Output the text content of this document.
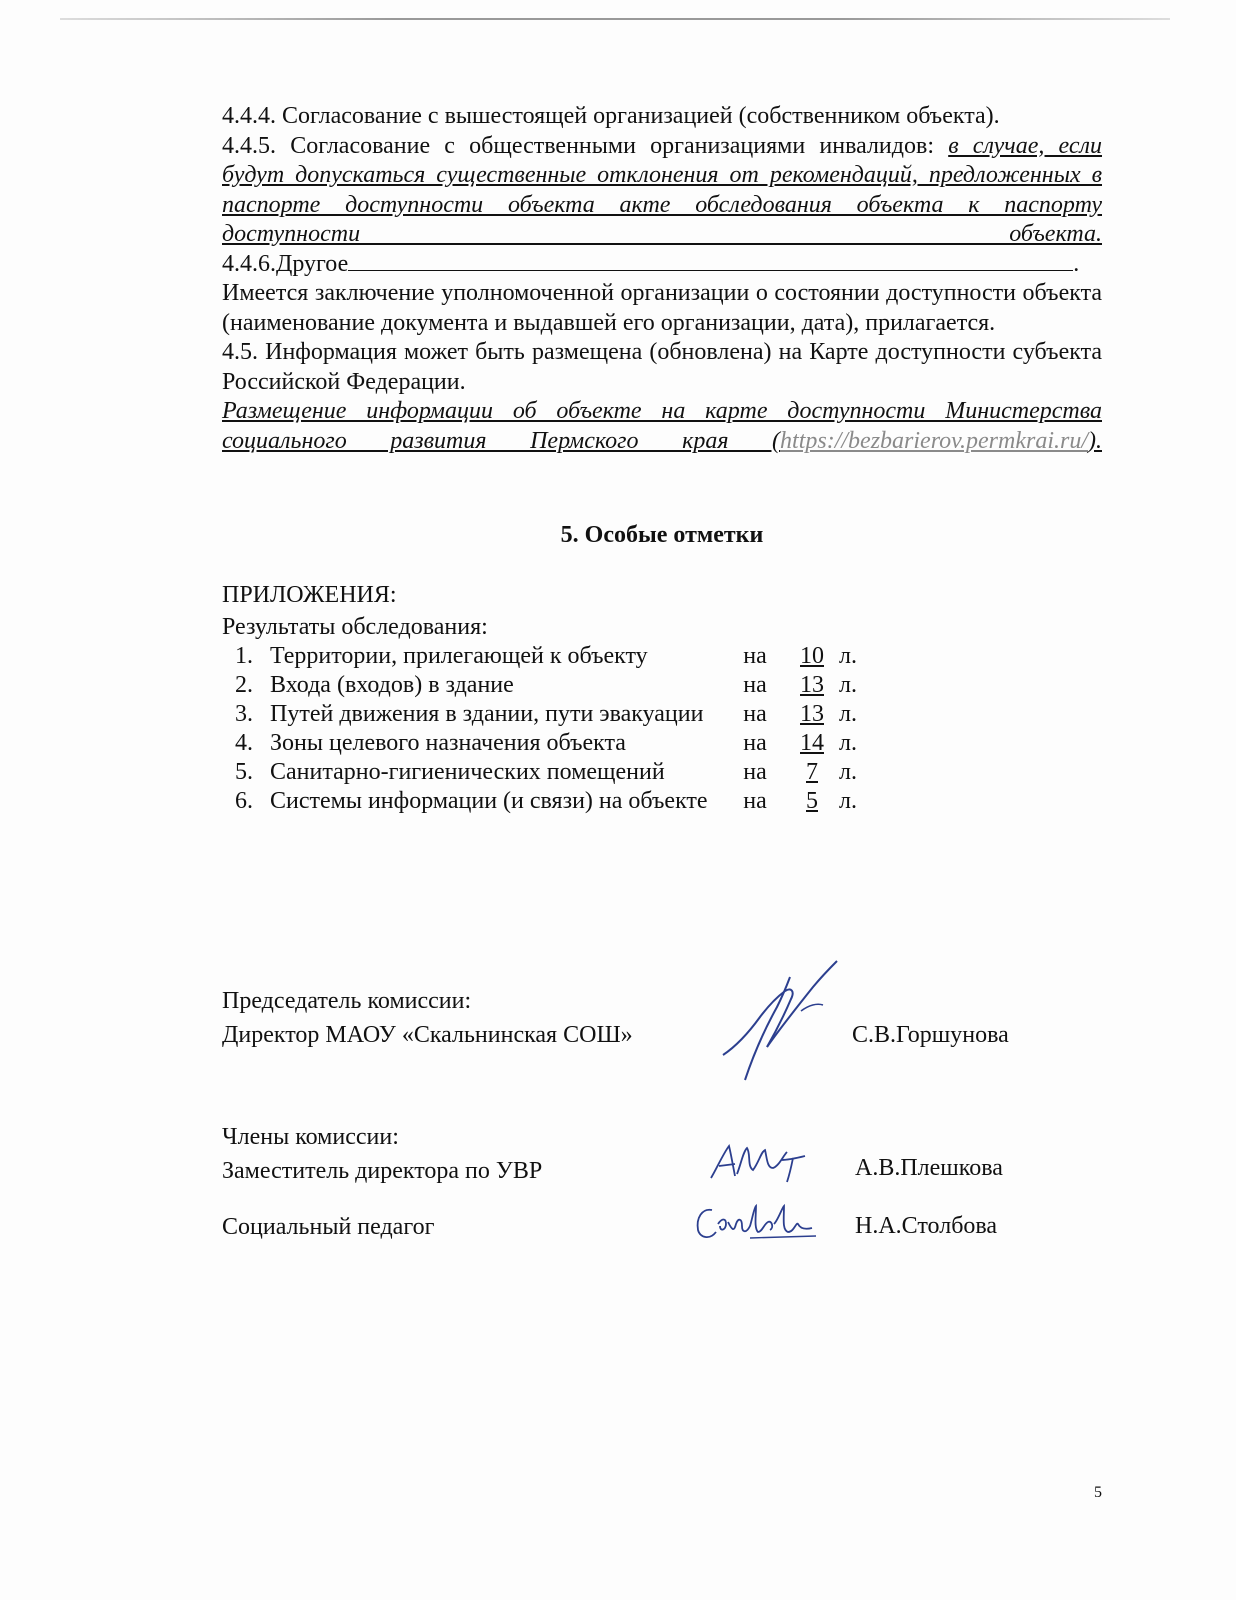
4.4.4. Согласование с вышестоящей организацией (собственником объекта).

4.4.5. Согласование с общественными организациями инвалидов: в случае, если будут допускаться существенные отклонения от рекомендаций, предложенных в паспорте доступности объекта акте обследования объекта к паспорту доступности объекта.

4.4.6.Другое	.

Имеется заключение уполномоченной организации о состоянии доступности объекта (наименование документа и выдавшей его организации, дата), прилагается.

4.5. Информация может быть размещена (обновлена) на Карте доступности субъекта Российской Федерации.

Размещение информации об объекте на карте доступности Министерства социального развития Пермского края (https://bezbarierov.permkrai.ru/).

5. Особые отметки
ПРИЛОЖЕНИЯ:
Результаты обследования:
1.	Территории, прилегающей к объекту	на	10	л.
2.	Входа (входов) в здание	на	13	л.
3.	Путей движения в здании, пути эвакуации	на	13	л.
4.	Зоны целевого назначения объекта	на	14	л.
5.	Санитарно-гигиенических помещений	на	7	л.
6.	Системы информации (и связи) на объекте	на	5	л.
Председатель комиссии:
Директор МАОУ «Скальнинская СОШ»	С.В.Горшунова
Члены комиссии:
Заместитель директора по УВР	А.В.Плешкова
Социальный педагог	Н.А.Столбова
5
